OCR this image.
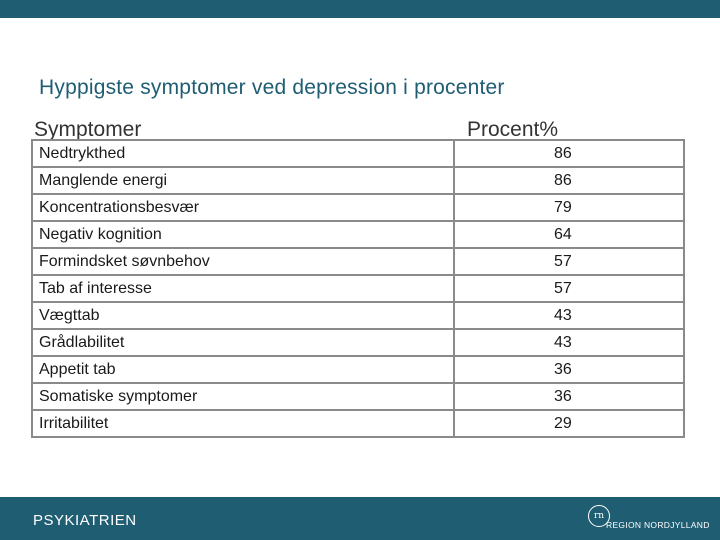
Hyppigste symptomer ved depression i procenter
Symptomer	Procent%
Nedtrykthed	86
Manglende energi	86
Koncentrationsbesvær	79
Negativ kognition	64
Formindsket søvnbehov	57
Tab af interesse	57
Vægttab	43
Grådlabilitet	43
Appetit tab	36
Somatiske symptomer	36
Irritabilitet	29
PSYKIATRIEN	rn
REGION NORDJYLLAND
